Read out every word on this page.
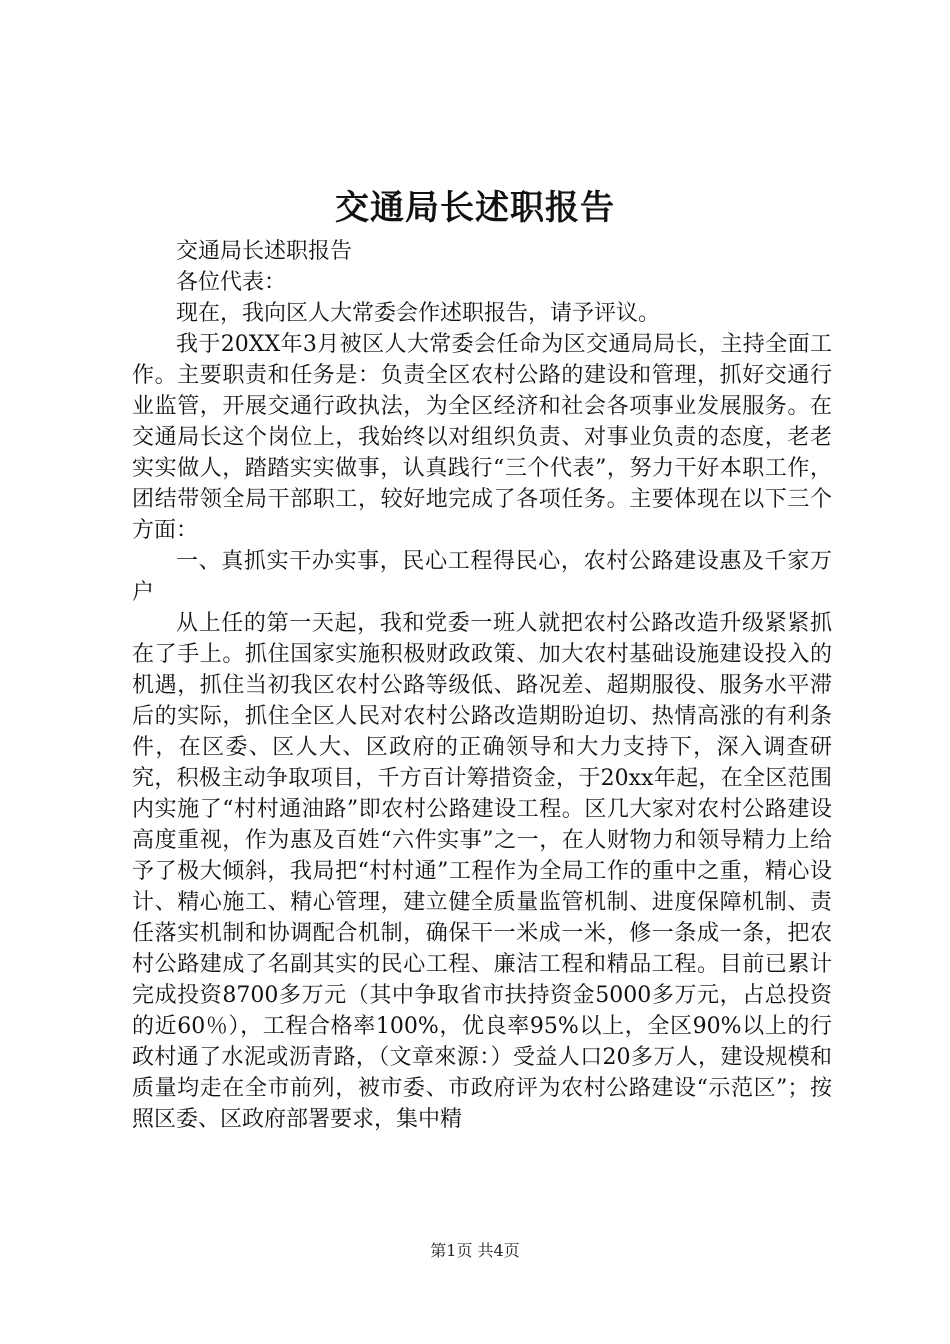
交通局长述职报告

交通局长述职报告

各位代表：

现在，我向区人大常委会作述职报告，请予评议。

我于20XX年3月被区人大常委会任命为区交通局局长，主持全面工作。主要职责和任务是：负责全区农村公路的建设和管理，抓好交通行业监管，开展交通行政执法，为全区经济和社会各项事业发展服务。在交通局长这个岗位上，我始终以对组织负责、对事业负责的态度，老老实实做人，踏踏实实做事，认真践行“三个代表”，努力干好本职工作，团结带领全局干部职工，较好地完成了各项任务。主要体现在以下三个方面：

一、真抓实干办实事，民心工程得民心，农村公路建设惠及千家万户

从上任的第一天起，我和党委一班人就把农村公路改造升级紧紧抓在了手上。抓住国家实施积极财政政策、加大农村基础设施建设投入的机遇，抓住当初我区农村公路等级低、路况差、超期服役、服务水平滞后的实际，抓住全区人民对农村公路改造期盼迫切、热情高涨的有利条件，在区委、区人大、区政府的正确领导和大力支持下，深入调查研究，积极主动争取项目，千方百计筹措资金，于20xx年起，在全区范围内实施了“村村通油路”即农村公路建设工程。区几大家对农村公路建设高度重视，作为惠及百姓“六件实事”之一，在人财物力和领导精力上给予了极大倾斜，我局把“村村通”工程作为全局工作的重中之重，精心设计、精心施工、精心管理，建立健全质量监管机制、进度保障机制、责任落实机制和协调配合机制，确保干一米成一米，修一条成一条，把农村公路建成了名副其实的民心工程、廉洁工程和精品工程。目前已累计完成投资8700多万元（其中争取省市扶持资金5000多万元，占总投资的近60％），工程合格率100%，优良率95%以上，全区90%以上的行政村通了水泥或沥青路，（文章來源：）受益人口20多万人，建设规模和质量均走在全市前列，被市委、市政府评为农村公路建设“示范区”；按照区委、区政府部署要求，集中精

第1页 共4页
